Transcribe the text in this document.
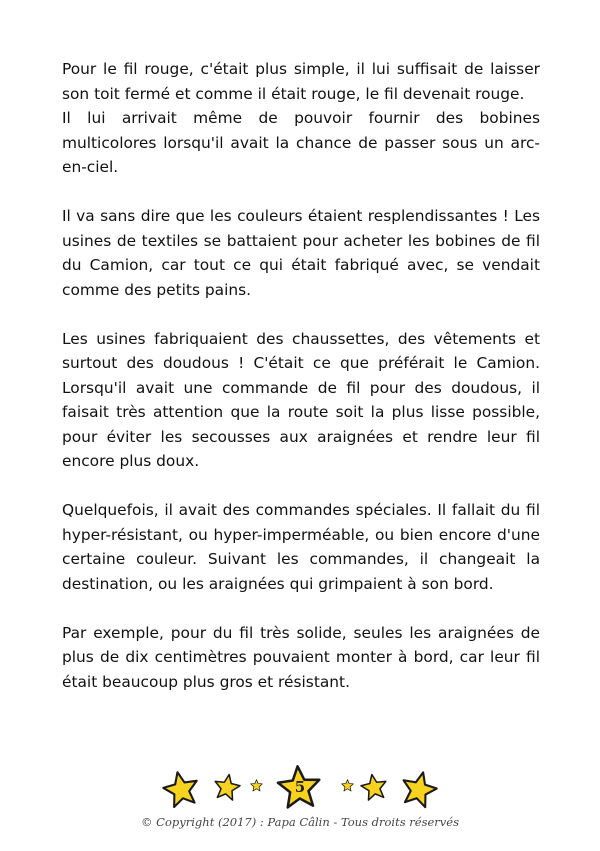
Pour le fil rouge, c'était plus simple, il lui suffisait de laisser son toit fermé et comme il était rouge, le fil devenait rouge.

Il lui arrivait même de pouvoir fournir des bobines multicolores lorsqu'il avait la chance de passer sous un arc-en-ciel.

Il va sans dire que les couleurs étaient resplendissantes ! Les usines de textiles se battaient pour acheter les bobines de fil du Camion, car tout ce qui était fabriqué avec, se vendait comme des petits pains.

Les usines fabriquaient des chaussettes, des vêtements et surtout des doudous ! C'était ce que préférait le Camion. Lorsqu'il avait une commande de fil pour des doudous, il faisait très attention que la route soit la plus lisse possible, pour éviter les secousses aux araignées et rendre leur fil encore plus doux.

Quelquefois, il avait des commandes spéciales. Il fallait du fil hyper-résistant, ou hyper-imperméable, ou bien encore d'une certaine couleur. Suivant les commandes, il changeait la destination, ou les araignées qui grimpaient à son bord.

Par exemple, pour du fil très solide, seules les araignées de plus de dix centimètres pouvaient monter à bord, car leur fil était beaucoup plus gros et résistant.

5
© Copyright (2017) : Papa Câlin - Tous droits réservés
